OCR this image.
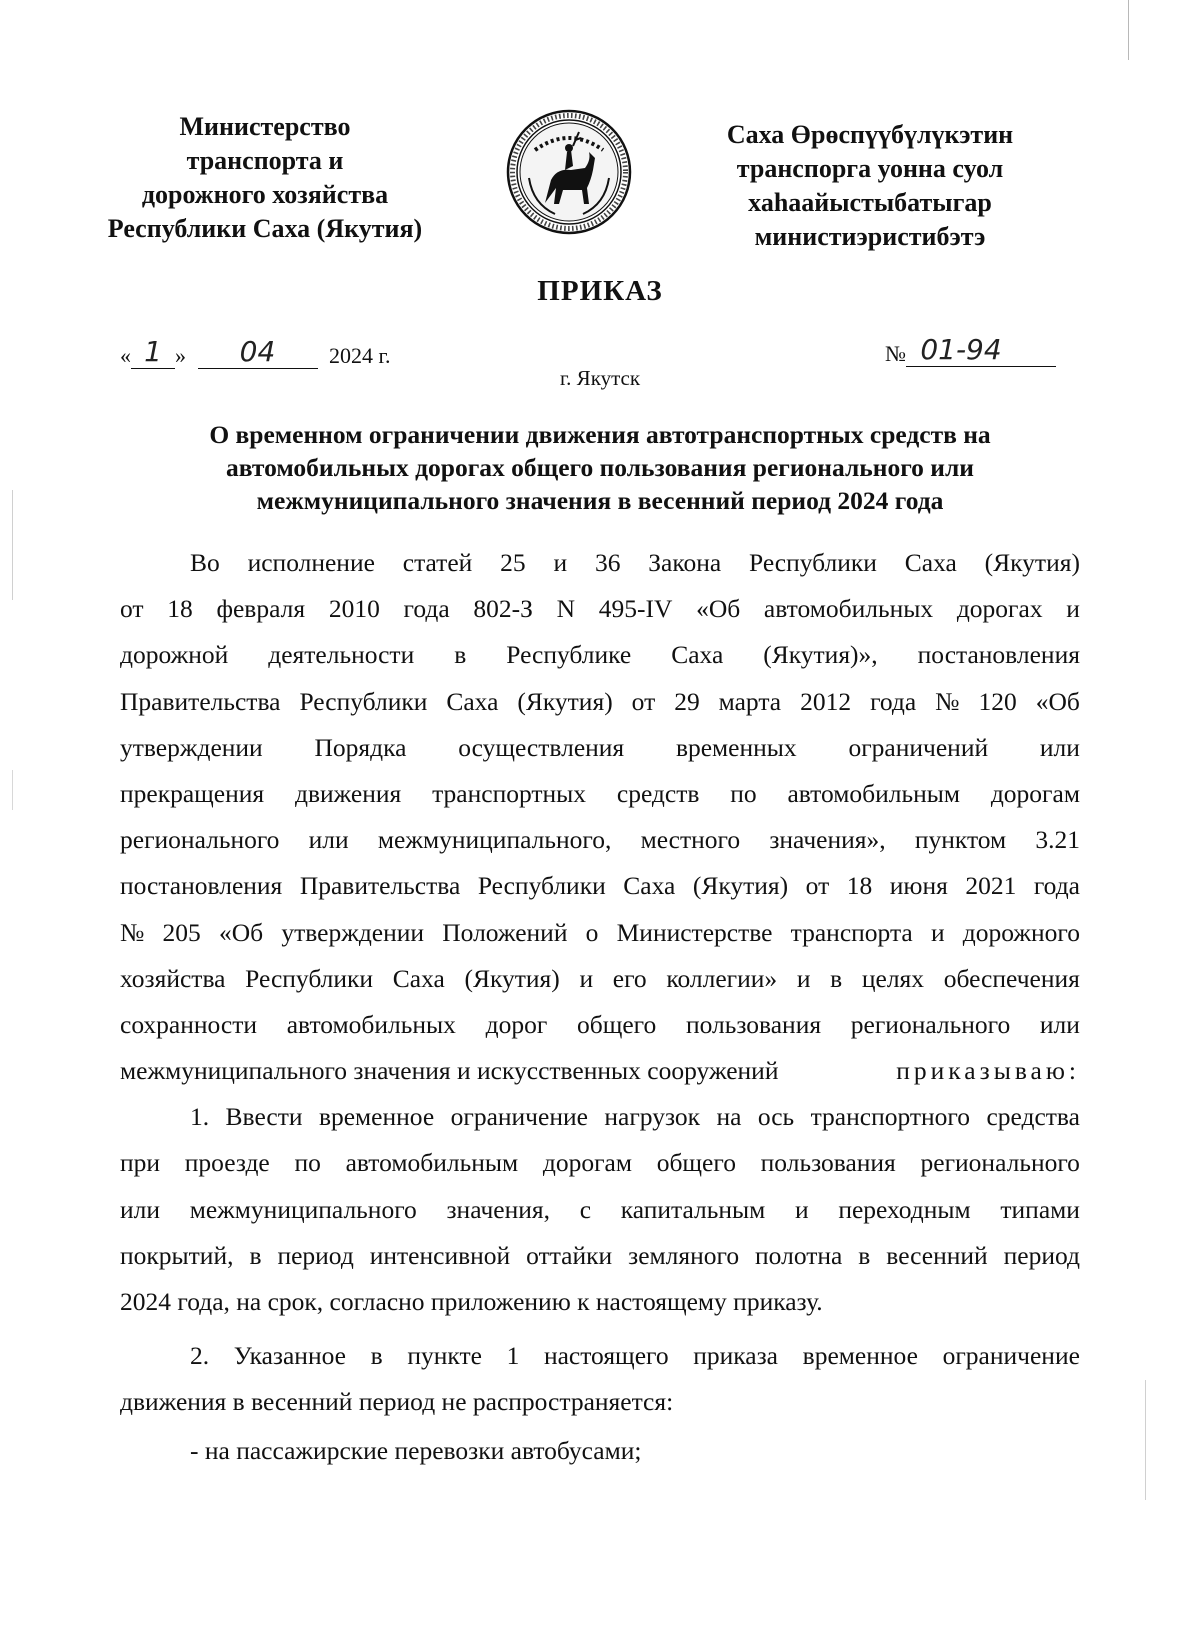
Министерство
транспорта и
дорожного хозяйства
Республики Саха (Якутия)
Саха Өрөспүүбүлүкэтин
транспорга уонна суол
хаһаайыстыбатыгар
министиэристибэтэ
ПРИКАЗ
« 1 » 04 2024 г.	№ 01-94
г. Якутск
О временном ограничении движения автотранспортных средств на
автомобильных дорогах общего пользования регионального или
межмуниципального значения в весенний период 2024 года
Во исполнение статей 25 и 36 Закона Республики Саха (Якутия)
от 18 февраля 2010 года 802-З N 495-IV «Об автомобильных дорогах и
дорожной деятельности в Республике Саха (Якутия)», постановления
Правительства Республики Саха (Якутия) от 29 марта 2012 года № 120 «Об
утверждении Порядка осуществления временных ограничений или
прекращения движения транспортных средств по автомобильным дорогам
регионального или межмуниципального, местного значения», пунктом 3.21
постановления Правительства Республики Саха (Якутия) от 18 июня 2021 года
№ 205 «Об утверждении Положений о Министерстве транспорта и дорожного
хозяйства Республики Саха (Якутия) и его коллегии» и в целях обеспечения
сохранности автомобильных дорог общего пользования регионального или
межмуниципального значения и искусственных сооружений	приказываю:
1. Ввести временное ограничение нагрузок на ось транспортного средства
при проезде по автомобильным дорогам общего пользования регионального
или межмуниципального значения, с капитальным и переходным типами
покрытий, в период интенсивной оттайки земляного полотна в весенний период
2024 года, на срок, согласно приложению к настоящему приказу.
2. Указанное в пункте 1 настоящего приказа временное ограничение
движения в весенний период не распространяется:
- на пассажирские перевозки автобусами;
